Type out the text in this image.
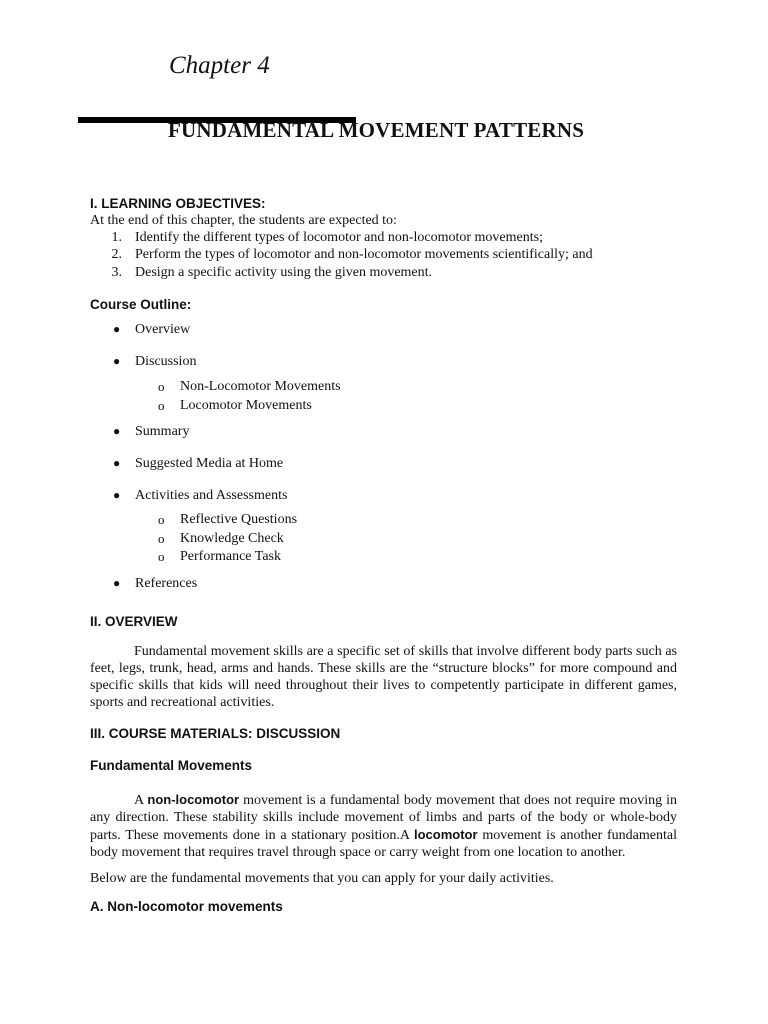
Chapter 4
FUNDAMENTAL MOVEMENT PATTERNS
I. LEARNING OBJECTIVES:
At the end of this chapter, the students are expected to:
1. Identify the different types of locomotor and non-locomotor movements;
2. Perform the types of locomotor and non-locomotor movements scientifically; and
3. Design a specific activity using the given movement.
Course Outline:
● Overview
● Discussion
o Non-Locomotor Movements
o Locomotor Movements
● Summary
● Suggested Media at Home
● Activities and Assessments
o Reflective Questions
o Knowledge Check
o Performance Task
● References
II. OVERVIEW
Fundamental movement skills are a specific set of skills that involve different body parts such as feet, legs, trunk, head, arms and hands. These skills are the “structure blocks” for more compound and specific skills that kids will need throughout their lives to competently participate in different games, sports and recreational activities.
III. COURSE MATERIALS: DISCUSSION
Fundamental Movements
A non-locomotor movement is a fundamental body movement that does not require moving in any direction. These stability skills include movement of limbs and parts of the body or whole-body parts. These movements done in a stationary position.A locomotor movement is another fundamental body movement that requires travel through space or carry weight from one location to another.
Below are the fundamental movements that you can apply for your daily activities.
A. Non-locomotor movements
